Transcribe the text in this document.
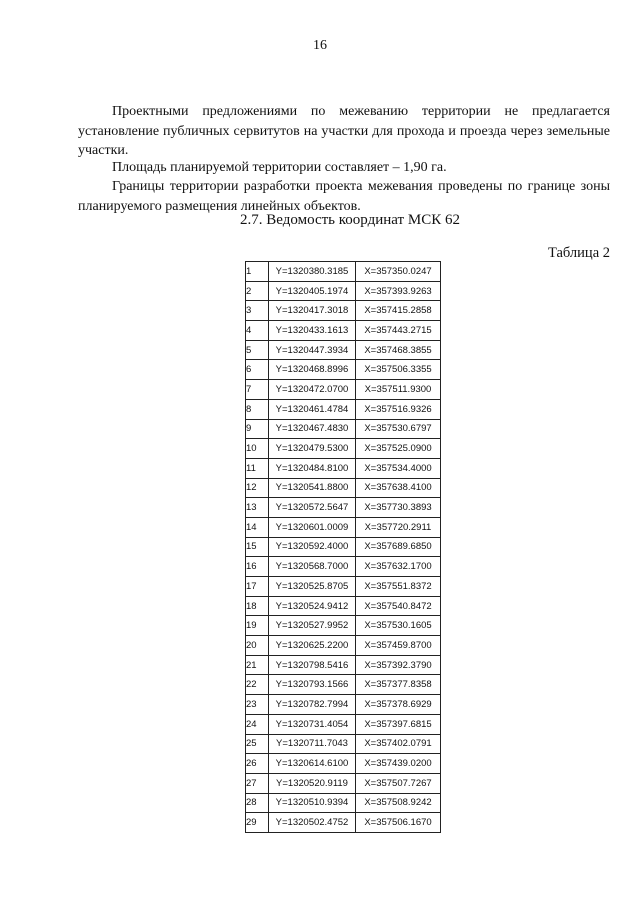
16

Проектными предложениями по межеванию территории не предлагается установление публичных сервитутов на участки для прохода и проезда через земельные участки.

Площадь планируемой территории составляет – 1,90 га.

Границы территории разработки проекта межевания проведены по границе зоны планируемого размещения линейных объектов.

2.7. Ведомость координат МСК 62
Таблица 2
1	Y=1320380.3185	X=357350.0247
2	Y=1320405.1974	X=357393.9263
3	Y=1320417.3018	X=357415.2858
4	Y=1320433.1613	X=357443.2715
5	Y=1320447.3934	X=357468.3855
6	Y=1320468.8996	X=357506.3355
7	Y=1320472.0700	X=357511.9300
8	Y=1320461.4784	X=357516.9326
9	Y=1320467.4830	X=357530.6797
10	Y=1320479.5300	X=357525.0900
11	Y=1320484.8100	X=357534.4000
12	Y=1320541.8800	X=357638.4100
13	Y=1320572.5647	X=357730.3893
14	Y=1320601.0009	X=357720.2911
15	Y=1320592.4000	X=357689.6850
16	Y=1320568.7000	X=357632.1700
17	Y=1320525.8705	X=357551.8372
18	Y=1320524.9412	X=357540.8472
19	Y=1320527.9952	X=357530.1605
20	Y=1320625.2200	X=357459.8700
21	Y=1320798.5416	X=357392.3790
22	Y=1320793.1566	X=357377.8358
23	Y=1320782.7994	X=357378.6929
24	Y=1320731.4054	X=357397.6815
25	Y=1320711.7043	X=357402.0791
26	Y=1320614.6100	X=357439.0200
27	Y=1320520.9119	X=357507.7267
28	Y=1320510.9394	X=357508.9242
29	Y=1320502.4752	X=357506.1670
